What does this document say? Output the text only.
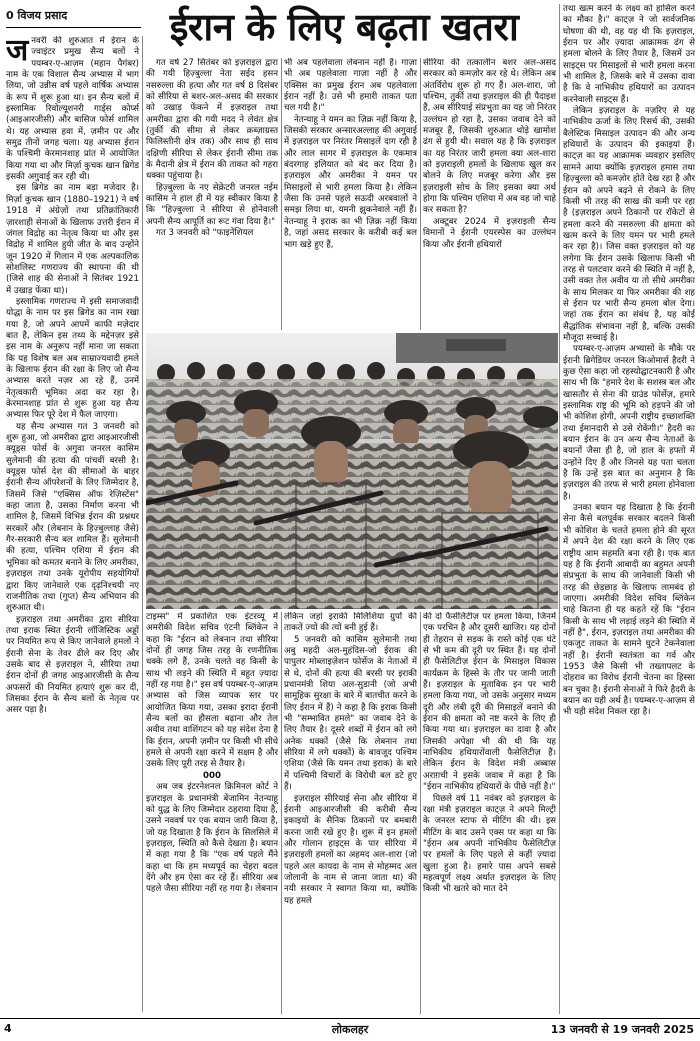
0 विजय प्रसाद	ईरान के लिए बढ़ता खतरा
ज नवरी की शुरुआत में ईरान के ज्वाइंटर प्रमुख सैन्य बलों ने पयम्बर-ए-आज़म (महान पैगंबर) नाम के एक विशाल सैन्य अभ्यास में भाग लिया, जो उन्नीस वर्ष पहले वार्षिक अभ्यास के रूप में शुरू हुआ था। इन सैन्य बलों में इस्लामिक रिवोल्यूशनरी गार्ड्स कोर्प्स (आइआरजीसी) और बासिज फोर्स शामिल थे। यह अभ्यास हवा में, ज़मीन पर और समुद्र तीनों जगह चला। यह अभ्यास ईरान के पश्चिमी केरमानशाह प्रांत में आयोजित किया गया था और मिर्ज़ा कुचक खान ब्रिगेड इसकी अगुवाई कर रही थी।

इस ब्रिगेड का नाम बड़ा मजेदार है। मिर्ज़ा कुचक खान (1880–1921) ने वर्ष 1918 में अंग्रेज़ों तथा प्रतिक्रांतिकारी ज़ारशाही सेनाओं के खिलाफ उत्तरी ईरान में जंगल विद्रोह का नेतृत्व किया था और इस विद्रोह में शामिल हुयी जीत के बाद उन्होंने जून 1920 में गिलान में एक अल्पकालिक सोशलिस्ट गणराज्य की स्थापना की थी (जिसे शाह की सेनाओं ने सितंबर 1921 में उखाड़ फेंका था)।

इस्लामिक गणराज्य में इसी समाजवादी योद्धा के नाम पर इस ब्रिगेड का नाम रखा गया है, जो अपने आपमें काफी मज़ेदार बात है, लेकिन इस तथ्य के मद्देनज़र इसे इस नाम के अनुरूप नहीं माना जा सकता कि यह विशेष बल अब साम्राज्यवादी हमले के खिलाफ ईरान की रक्षा के लिए जो सैन्य अभ्यास करते नज़र आ रहे हैं, उनमें नेतृत्वकारी भूमिका अदा कर रहा है। केरमानशाह प्रांत से शुरू हुआ यह सैन्य अभ्यास फिर पूरे देश में फैल जाएगा।

यह सैन्य अभ्यास गत 3 जनवरी को शुरू हुआ, जो अमरीका द्वारा आइआरजीसी क्यूड्स फोर्स के अगुवा जनरल कासिम सुलेमानी की हत्या की पांचवीं बरसी है। क्यूड्स फोर्स देश की सीमाओं के बाहर ईरानी सैन्य ऑपरेशनों के लिए जिम्मेदार है, जिसमें जिसे "एक्सिस ऑफ रेज़िस्टेंस" कहा जाता है, उसका निर्माण करना भी शामिल है, जिसमें विभिन्न ईरान की प्रश्नधर सरकारें और (लेबनान के हिज़्बुल्लाह जैसे) गैर-सरकारी सैन्य बल शामिल हैं। सुलेमानी की हत्या, पश्चिम एशिया में ईरान की भूमिका को कमतर बनाने के लिए अमरीका, इज़राइल तथा उनके यूरोपीय सहयोगियों द्वारा किए जानेवाले एक दृढ़निश्चयी नए राजनीतिक तथा (गुप्त) सैन्य अभियान की शुरुआत थी।

इज़राइल तथा अमरीका द्वारा सीरिया तथा इराक स्थित ईरानी लॉजिस्टिक अड्डों पर नियमित रूप से किए जानेवाले हमलों ने ईरानी सेना के तेवर ढीले कर दिए और उसके बाद से इज़राइल ने, सीरिया तथा ईरान दोनों ही जगह आइआरजीसी के सैन्य अफसरों की नियमित हत्याएं शुरू कर दी, जिसका ईरान के सैन्य बलों के नेतृत्व पर असर पड़ा है।

गत वर्ष 27 सितंबर को इज़राइल द्वारा की गयी हिज़्बुल्ला नेता सईद हसन नसरुल्ला की हत्या और गत वर्ष 8 दिसंबर को सीरिया से बशर-अल-असद की सरकार को उखाड़ फेंकने में इज़राइल तथा अमरीका द्वारा की गयी मदद ने लेवंत क्षेत्र (तुर्की की सीमा से लेकर क़ब्ज़ाग्रस्त फिलिस्तीनी क्षेत्र तक) और साथ ही साथ दक्षिणी सीरिया से लेकर ईरानी सीमा तक के मैदानी क्षेत्र में ईरान की ताकत को गहरा धक्का पहुंचाया है।

हिज़्बुल्ला के नए सेक्रेटरी जनरल नईम कासिम ने हाल ही में यह स्वीकार किया है कि "हिज़्बुल्ला ने सीरिया से होनेवाली अपनी सैन्य आपूर्ति का रूट गंवा दिया है।"

गत 3 जनवरी को "फाइनेंशियल

भी अब पहलेवाला लेबनान नहीं है। गाज़ा भी अब पहलेवाला गाज़ा नहीं है और एक्सिस का प्रमुख ईरान अब पहलेवाला ईरान नहीं है। उसे भी हमारी ताकत पता चल गयी है।"

नेतन्याहू ने यमन का ज़िक्र नहीं किया है, जिसकी सरकार अन्सारअल्लाह की अगुवाई में इज़राइल पर निरंतर मिसाइलें दाग रही है और लाल सागर में इज़राइल के एकमात्र बंदरगाह इलियात को बंद कर दिया है। इज़राइल और अमरीका ने यमन पर मिसाइलों से भारी हमला किया है। लेकिन जैसा कि उनसे पहले सऊदी अरबवालों ने समझ लिया था, यमनी झुकनेवाले नहीं हैं। नेतन्याहू ने इराक का भी ज़िक्र नहीं किया है, जहां असद सरकार के करीबी कई बल भाग खड़े हुए हैं,

सीरिया की तत्कालीन बशर अल-असद सरकार को कमज़ोर कर रहे थे। लेकिन अब अंतर्विरोध शुरू हो गए हैं। अल-शारा, जो पश्चिम, तुर्की तथा इज़राइल की ही पैदाइश हैं, अब सीरियाई संप्रभुता का यह जो निरंतर उल्लंघन हो रहा है, उसका जवाब देने को मजबूर हैं, जिसकी शुरुआत थोड़े खामोश ढंग से हुयी थी। सवाल यह है कि इज़राइल का यह निरंतर जारी हमला क्या अल-शारा को इज़राइली हमलों के खिलाफ खुल कर बोलने के लिए मजबूर करेगा और इस इज़राइली सोच के लिए इसका क्या अर्थ होगा कि पश्चिम एशिया में अब वह जो चाहे कर सकता है?

अक्टूबर 2024 में इज़राइली सैन्य विमानों ने ईरानी एयरस्पेस का उल्लंघन किया और ईरानी हथियारों

तथा खत्म करने के लक्ष्य को हासिल करने का मौका है।" काट्ज़ ने जो सार्वजनिक घोषणा की थी, वह यह थी कि इज़राइल, ईरान पर और ज़्यादा आक्रामक ढंग से हमला बोलने के लिए तैयार है, जिसमें उन साइट्स पर मिसाइलों से भारी हमला करना भी शामिल है, जिसके बारे में उसका दावा है कि वे नाभिकीय हथियारों का उत्पादन करनेवाली साइट्स हैं।

लेकिन इज़राइल के नज़रिए से यह नाभिकीय ऊर्जा के लिए रिसर्च की, उसकी बैलेस्टिक मिसाइल उत्पादन की और अन्य हथियारों के उत्पादन की इकाइयां हैं। काट्ज़ का यह आक्रामक व्यवहार इसलिए सामने आया क्योंकि इज़राइल हमास तथा हिज़्बुल्ला को कमज़ोर होते देख रहा है और ईरान को अपने बढ़ने से रोकने के लिए किसी भी तरह की साख की कमी पर रहा है (इज़राइल अपने ठिकानों पर रॉकेटों से हमला करने की नसरुल्ला की क्षमता को खत्म करने के लिए यमन पर भारी हमले कर रहा है)। जिस वक्त इज़राइल को यह लगेगा कि ईरान उसके खिलाफ किसी भी तरह से पलटवार करने की स्थिति में नहीं है, उसी वक्त तेल अवीव या तो सीधे अमरीका के साथ मिलकर या फिर अमरीका की शह से ईरान पर भारी सैन्य हमला बोल देगा। जहां तक ईरान का संबंध है, यह कोई सैद्धांतिक संभावना नहीं है, बल्कि उसकी मौजूदा सच्चाई है।

पयम्बर-ए-आज़म अभ्यासों के मौके पर ईरानी ब्रिगेडियर जनरल किओमार्स हैदरी ने कुछ ऐसा कहा जो रहस्योद्घाटनकारी है और साथ भी कि "हमारे देश के सशस्त्र बल और खासतौर से सेना की ग्राउंड फोर्सेज़, हमारे इस्लामिक राष्ट्र की भूमि को हड़पने की जो भी कोशिश होगी, अपनी राष्ट्रीय इच्छाशक्ति तथा ईमानदारी से उसे रोकेंगी।" हैदरी का बयान ईरान के उन अन्य सैन्य नेताओं के बयानों जैसा ही है, जो हाल के हफ्तों में उन्होंने दिए हैं और जिनसे यह पता चलता है कि उन्हें इस बात का अनुमान है कि इज़राइल की तरफ से भारी हमला होनेवाला है।

उनका बयान यह दिखाता है कि ईरानी सेना कैसे बलपूर्वक सरकार बदलने किसी भी कोशिश के चलते हमला होने की सूरत में अपने देश की रक्षा करने के लिए एक राष्ट्रीय आम सहमति बना रही है। एक बात यह है कि ईरानी आबादी का बहुमत अपनी संप्रभुता के साथ की जानेवाली किसी भी तरह की छेड़छाड़ के खिलाफ लामबंद हो जाएगा। अमरीकी विदेश सचिव ब्लिंकेन चाहे कितना ही यह कहते रहें कि "ईरान किसी के साथ भी लड़ाई लड़ने की स्थिति में नहीं है", ईरान, इज़राइल तथा अमरीका की एकजुट ताकत के सामने घुटने टेकनेवाला नहीं है। ईरानी स्वतंत्रता का गर्व और 1953 जैसे किसी भी तख्तापलट के दोहराव का विरोध ईरानी चेतना का हिस्सा बन चुका है। ईरानी सेनाओं ने फिरे हैदरी के बयान का यही अर्थ है। पयम्बर-ए-आज़म से भी यही संदेश निकल रहा है।

टाइम्स" में प्रकाशित एक इंटरव्यू में अमरीकी विदेश सचिव एंटनी ब्लिंकेन ने कहा कि "ईरान को लेबनान तथा सीरिया दोनों ही जगह जिस तरह के रणनीतिक धक्के लगे हैं, उनके चलते वह किसी के साथ भी लड़ने की स्थिति में बहुत ज़्यादा नहीं रह गया है।" इस वर्ष पयम्बर-ए-आज़म अभ्यास को जिस व्यापक स्तर पर आयोजित किया गया, उसका इरादा ईरानी सैन्य बलों का हौसला बढ़ाना और तेल अवीव तथा वाशिंगटन को यह संदेश देना है कि ईरान, अपनी ज़मीन पर किसी भी सीधे हमले से अपनी रक्षा करने में सक्षम है और उसके लिए पूरी तरह से तैयार है।

000

अब जब इंटरनेशनल क्रिमिनल कोर्ट ने इज़राइल के प्रधानमंत्री बेंजामिन नेतन्याहू को युद्ध के लिए जिम्मेदार ठहराया दिया है, उसने नववर्ष पर एक बयान जारी किया है, जो यह दिखाता है कि ईरान के सिलसिले में इज़राइल, स्थिति को कैसे देखता है। बयान में कहा गया है कि "एक वर्ष पहले मैंने कहा था कि हम मध्यपूर्व का चेहरा बदल देंगे और हम ऐसा कर रहे हैं। सीरिया अब पहले जैसा सीरिया नहीं रह गया है। लेबनान

लेकिन जहां इराकी मिलिशिया ग्रुपों की ताकतें ज्यों की त्यों बनी हुई हैं।

5 जनवरी को कासिम सुलेमानी तथा अबु महदी अल-मुहंदिस-जो ईराक की पापुलर मोब्लाइज़ेशन फोर्सेज के नेताओं में से थे, दोनों की हत्या की बरसी पर इराकी प्रधानमंत्री शिया अल-सुडानी (जो अभी सामूहिक सुरक्षा के बारे में बातचीत करने के लिए ईरान में हैं) ने कहा है कि इराक किसी भी "सम्भावित हमले" का जवाब देने के लिए तैयार है। दूसरे शब्दों में ईरान को लगे अनेक धक्कों (जैसे कि लेबनान तथा सीरिया में लगे धक्कों) के बावजूद पश्चिम एशिया (जैसे कि यमन तथा इराक) के बारे में पश्चिमी विचारों के विरोधी बल डटे हुए हैं।

इज़राइल सीरियाई सेना और सीरिया में ईरानी आइआरजीसी की करीबी सैन्य इकाइयों के सैनिक ठिकानों पर बमबारी करना जारी रखे हुए है। शुरू में इन हमलों और गोलान हाइट्स के पार सीरिया में इज़राइली हमलों का अहमद अल-शारा (जो पहले अल कायदा के नाम से मोहम्मद अल जोलानी के नाम से जाना जाता था) की नयी सरकार ने स्वागत किया था, क्योंकि यह हमले

की दो फैसेलिटीज़ पर हमला किया, जिनमें एक परचिन है और दूसरी खाजिर। यह दोनों ही तेहरान से सड़क के रास्ते कोई एक घंटे से भी कम की दूरी पर स्थित हैं। यह दोनों ही फैसेलिटीज़ ईरान के मिसाइल विकास कार्यक्रम के हिस्से के तौर पर जानी जाती हैं। इज़राइल के मुताबिक इन पर भारी हमला किया गया, जो उसके अनुसार मध्यम दूरी और लंबी दूरी की मिसाइलें बनाने की ईरान की क्षमता को नष्ट करने के लिए ही किया गया था। इज़राइल का दावा है और जिसकी अपेक्षा भी की थी कि यह नाभिकीय हथियारोंवाली फैसेलिटीज़ हैं। लेकिन ईरान के विदेश मंत्री अब्बास अराग़ची ने इसके जवाब में कहा है कि "ईरान नाभिकीय हथियारों के पीछे नहीं है।"

पिछले वर्ष 11 नवंबर को इज़राइल के रक्षा मंत्री इज़राइल काट्ज़ ने अपने मिल्ट्री के जनरल स्टाफ से मीटिंग की थी। इस मीटिंग के बाद उसने एक्स पर कहा था कि "ईरान अब अपनी नाभिकीय फैसेलिटीज़ पर हमलों के लिए पहले से कहीं ज़्यादा खुला हुआ है। हमारे पास अपने सबसे महत्वपूर्ण लक्ष्य अर्थात इज़राइल के लिए किसी भी खतरे को मात देने

4	लोकलहर	13 जनवरी से 19 जनवरी 2025
